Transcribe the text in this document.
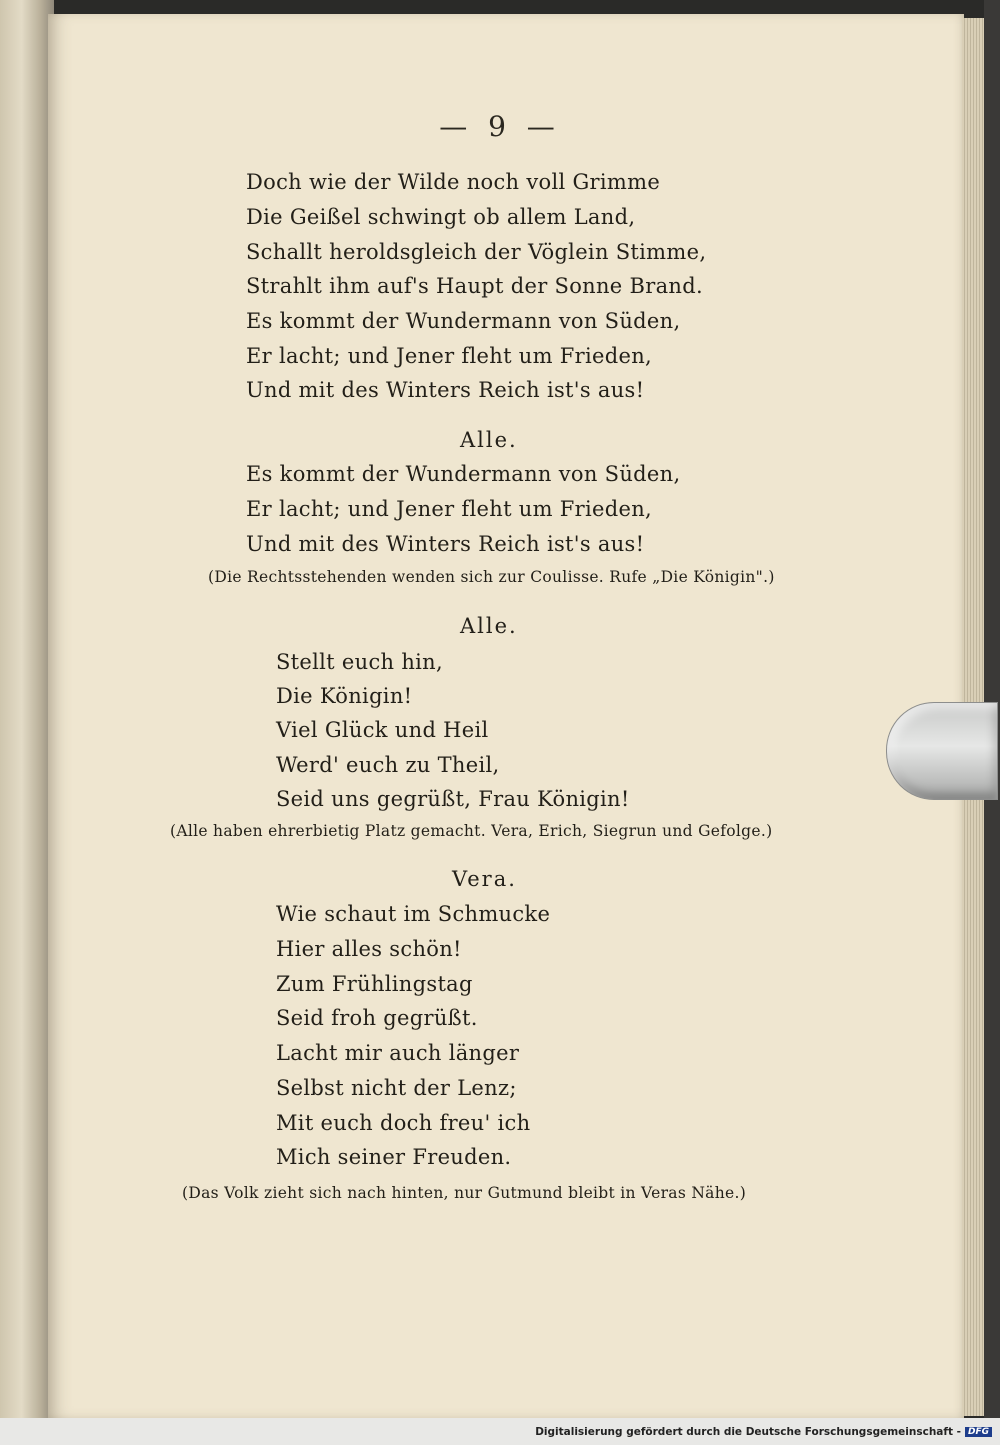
— 9 —
Doch wie der Wilde noch voll Grimme
Die Geißel schwingt ob allem Land,
Schallt heroldsgleich der Vöglein Stimme,
Strahlt ihm auf's Haupt der Sonne Brand.
Es kommt der Wundermann von Süden,
Er lacht; und Jener fleht um Frieden,
Und mit des Winters Reich ist's aus!
Alle.
Es kommt der Wundermann von Süden,
Er lacht; und Jener fleht um Frieden,
Und mit des Winters Reich ist's aus!
(Die Rechtsstehenden wenden sich zur Coulisse. Rufe „Die Königin".)
Alle.
Stellt euch hin,
Die Königin!
Viel Glück und Heil
Werd' euch zu Theil,
Seid uns gegrüßt, Frau Königin!
(Alle haben ehrerbietig Platz gemacht. Vera, Erich, Siegrun und Gefolge.)
Vera.
Wie schaut im Schmucke
Hier alles schön!
Zum Frühlingstag
Seid froh gegrüßt.
Lacht mir auch länger
Selbst nicht der Lenz;
Mit euch doch freu' ich
Mich seiner Freuden.
(Das Volk zieht sich nach hinten, nur Gutmund bleibt in Veras Nähe.)
Digitalisierung gefördert durch die Deutsche Forschungsgemeinschaft - DFG
